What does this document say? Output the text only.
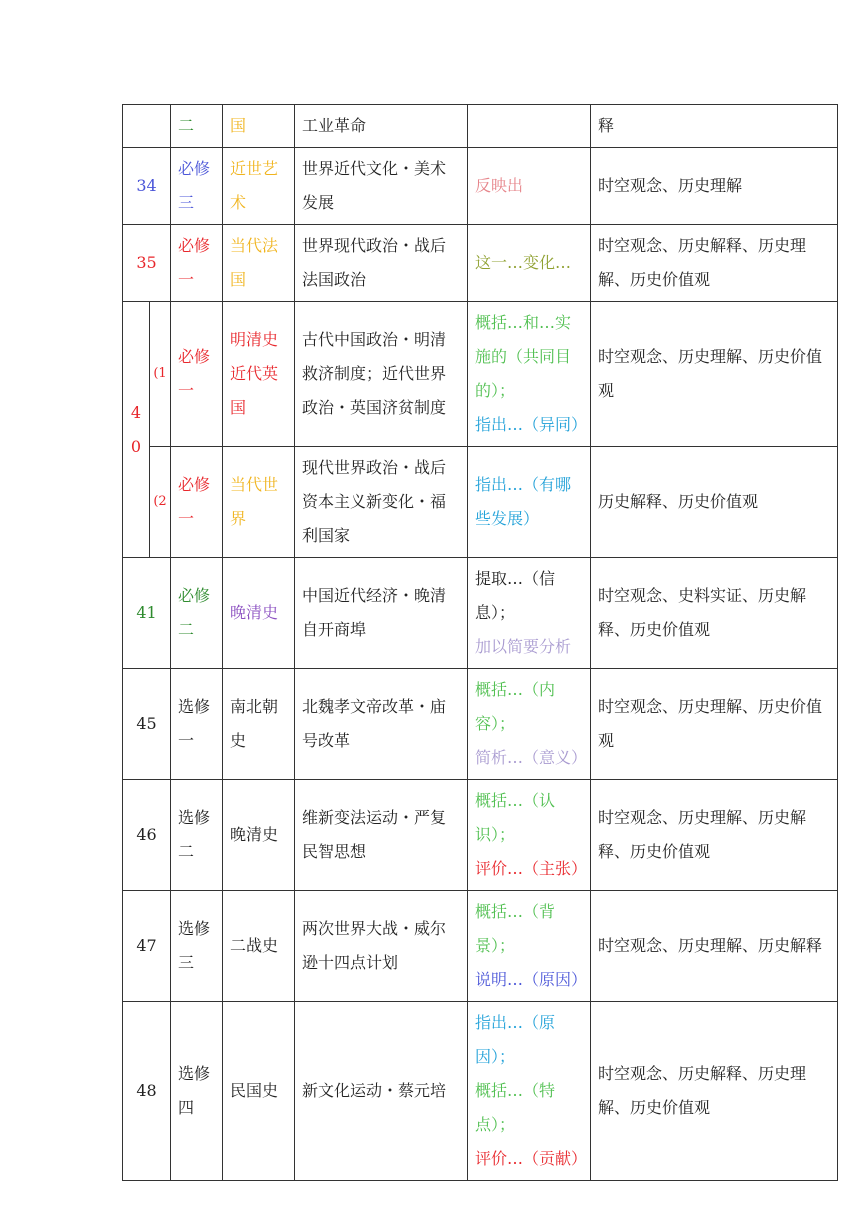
		二	国	工业革命		释
34		必修三	近世艺术	世界近代文化・美术发展	反映出	时空观念、历史理解
35		必修一	当代法国	世界现代政治・战后法国政治	这一…变化…	时空观念、历史解释、历史理解、历史价值观
40	(1	必修一	明清史近代英国	古代中国政治・明清救济制度；近代世界政治・英国济贫制度	概括…和…实施的（共同目的）；
指出…（异同）	时空观念、历史理解、历史价值观
	(2	必修一	当代世界	现代世界政治・战后资本主义新变化・福利国家	指出…（有哪些发展）	历史解释、历史价值观
41		必修二	晚清史	中国近代经济・晚清自开商埠	提取…（信息）；
加以简要分析	时空观念、史料实证、历史解释、历史价值观
45		选修一	南北朝史	北魏孝文帝改革・庙号改革	概括…（内容）；
简析…（意义）	时空观念、历史理解、历史价值观
46		选修二	晚清史	维新变法运动・严复民智思想	概括…（认识）；
评价…（主张）	时空观念、历史理解、历史解释、历史价值观
47		选修三	二战史	两次世界大战・威尔逊十四点计划	概括…（背景）；
说明…（原因）	时空观念、历史理解、历史解释
48		选修四	民国史	新文化运动・蔡元培	指出…（原因）；
概括…（特点）；
评价…（贡献）	时空观念、历史解释、历史理解、历史价值观
